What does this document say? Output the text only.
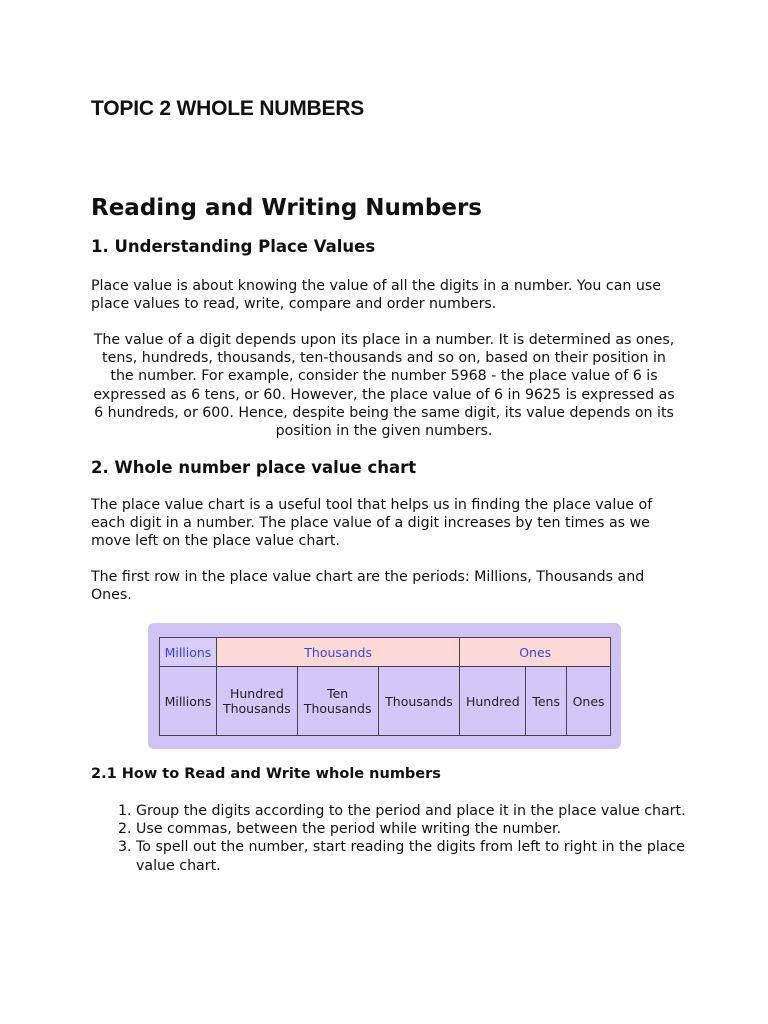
TOPIC 2 WHOLE NUMBERS
Reading and Writing Numbers
1. Understanding Place Values

Place value is about knowing the value of all the digits in a number. You can use place values to read, write, compare and order numbers.

The value of a digit depends upon its place in a number. It is determined as ones, tens, hundreds, thousands, ten-thousands and so on, based on their position in the number. For example, consider the number 5968 - the place value of 6 is expressed as 6 tens, or 60. However, the place value of 6 in 9625 is expressed as 6 hundreds, or 600. Hence, despite being the same digit, its value depends on its position in the given numbers.

2. Whole number place value chart

The place value chart is a useful tool that helps us in finding the place value of each digit in a number. The place value of a digit increases by ten times as we move left on the place value chart.

The first row in the place value chart are the periods: Millions, Thousands and Ones.

Millions	Thousands			Ones		
Millions	Hundred Thousands	Ten Thousands	Thousands	Hundred	Tens	Ones
2.1 How to Read and Write whole numbers
1. Group the digits according to the period and place it in the place value chart.
2. Use commas, between the period while writing the number.
3. To spell out the number, start reading the digits from left to right in the place value chart.
